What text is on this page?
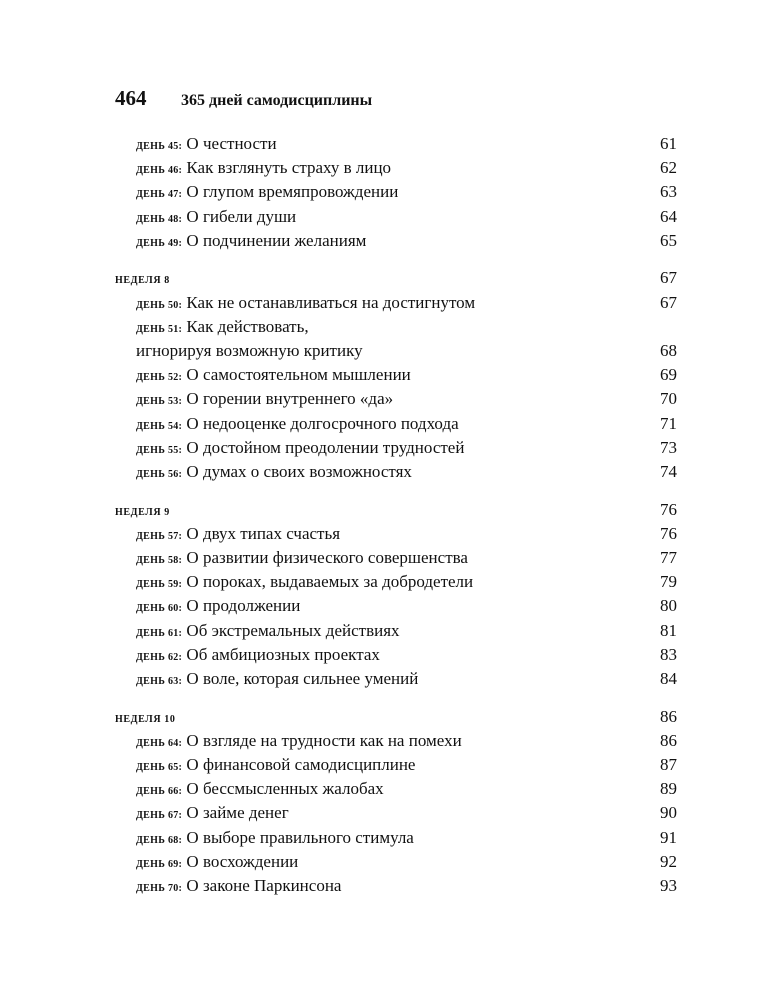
464	365 дней самодисциплины
ДЕНЬ 45: О честности	61
ДЕНЬ 46: Как взглянуть страху в лицо	62
ДЕНЬ 47: О глупом времяпровождении	63
ДЕНЬ 48: О гибели души	64
ДЕНЬ 49: О подчинении желаниям	65
НЕДЕЛЯ 8	67
ДЕНЬ 50: Как не останавливаться на достигнутом	67
ДЕНЬ 51: Как действовать,
игнорируя возможную критику	68
ДЕНЬ 52: О самостоятельном мышлении	69
ДЕНЬ 53: О горении внутреннего «да»	70
ДЕНЬ 54: О недооценке долгосрочного подхода	71
ДЕНЬ 55: О достойном преодолении трудностей	73
ДЕНЬ 56: О думах о своих возможностях	74
НЕДЕЛЯ 9	76
ДЕНЬ 57: О двух типах счастья	76
ДЕНЬ 58: О развитии физического совершенства	77
ДЕНЬ 59: О пороках, выдаваемых за добродетели	79
ДЕНЬ 60: О продолжении	80
ДЕНЬ 61: Об экстремальных действиях	81
ДЕНЬ 62: Об амбициозных проектах	83
ДЕНЬ 63: О воле, которая сильнее умений	84
НЕДЕЛЯ 10	86
ДЕНЬ 64: О взгляде на трудности как на помехи	86
ДЕНЬ 65: О финансовой самодисциплине	87
ДЕНЬ 66: О бессмысленных жалобах	89
ДЕНЬ 67: О займе денег	90
ДЕНЬ 68: О выборе правильного стимула	91
ДЕНЬ 69: О восхождении	92
ДЕНЬ 70: О законе Паркинсона	93
